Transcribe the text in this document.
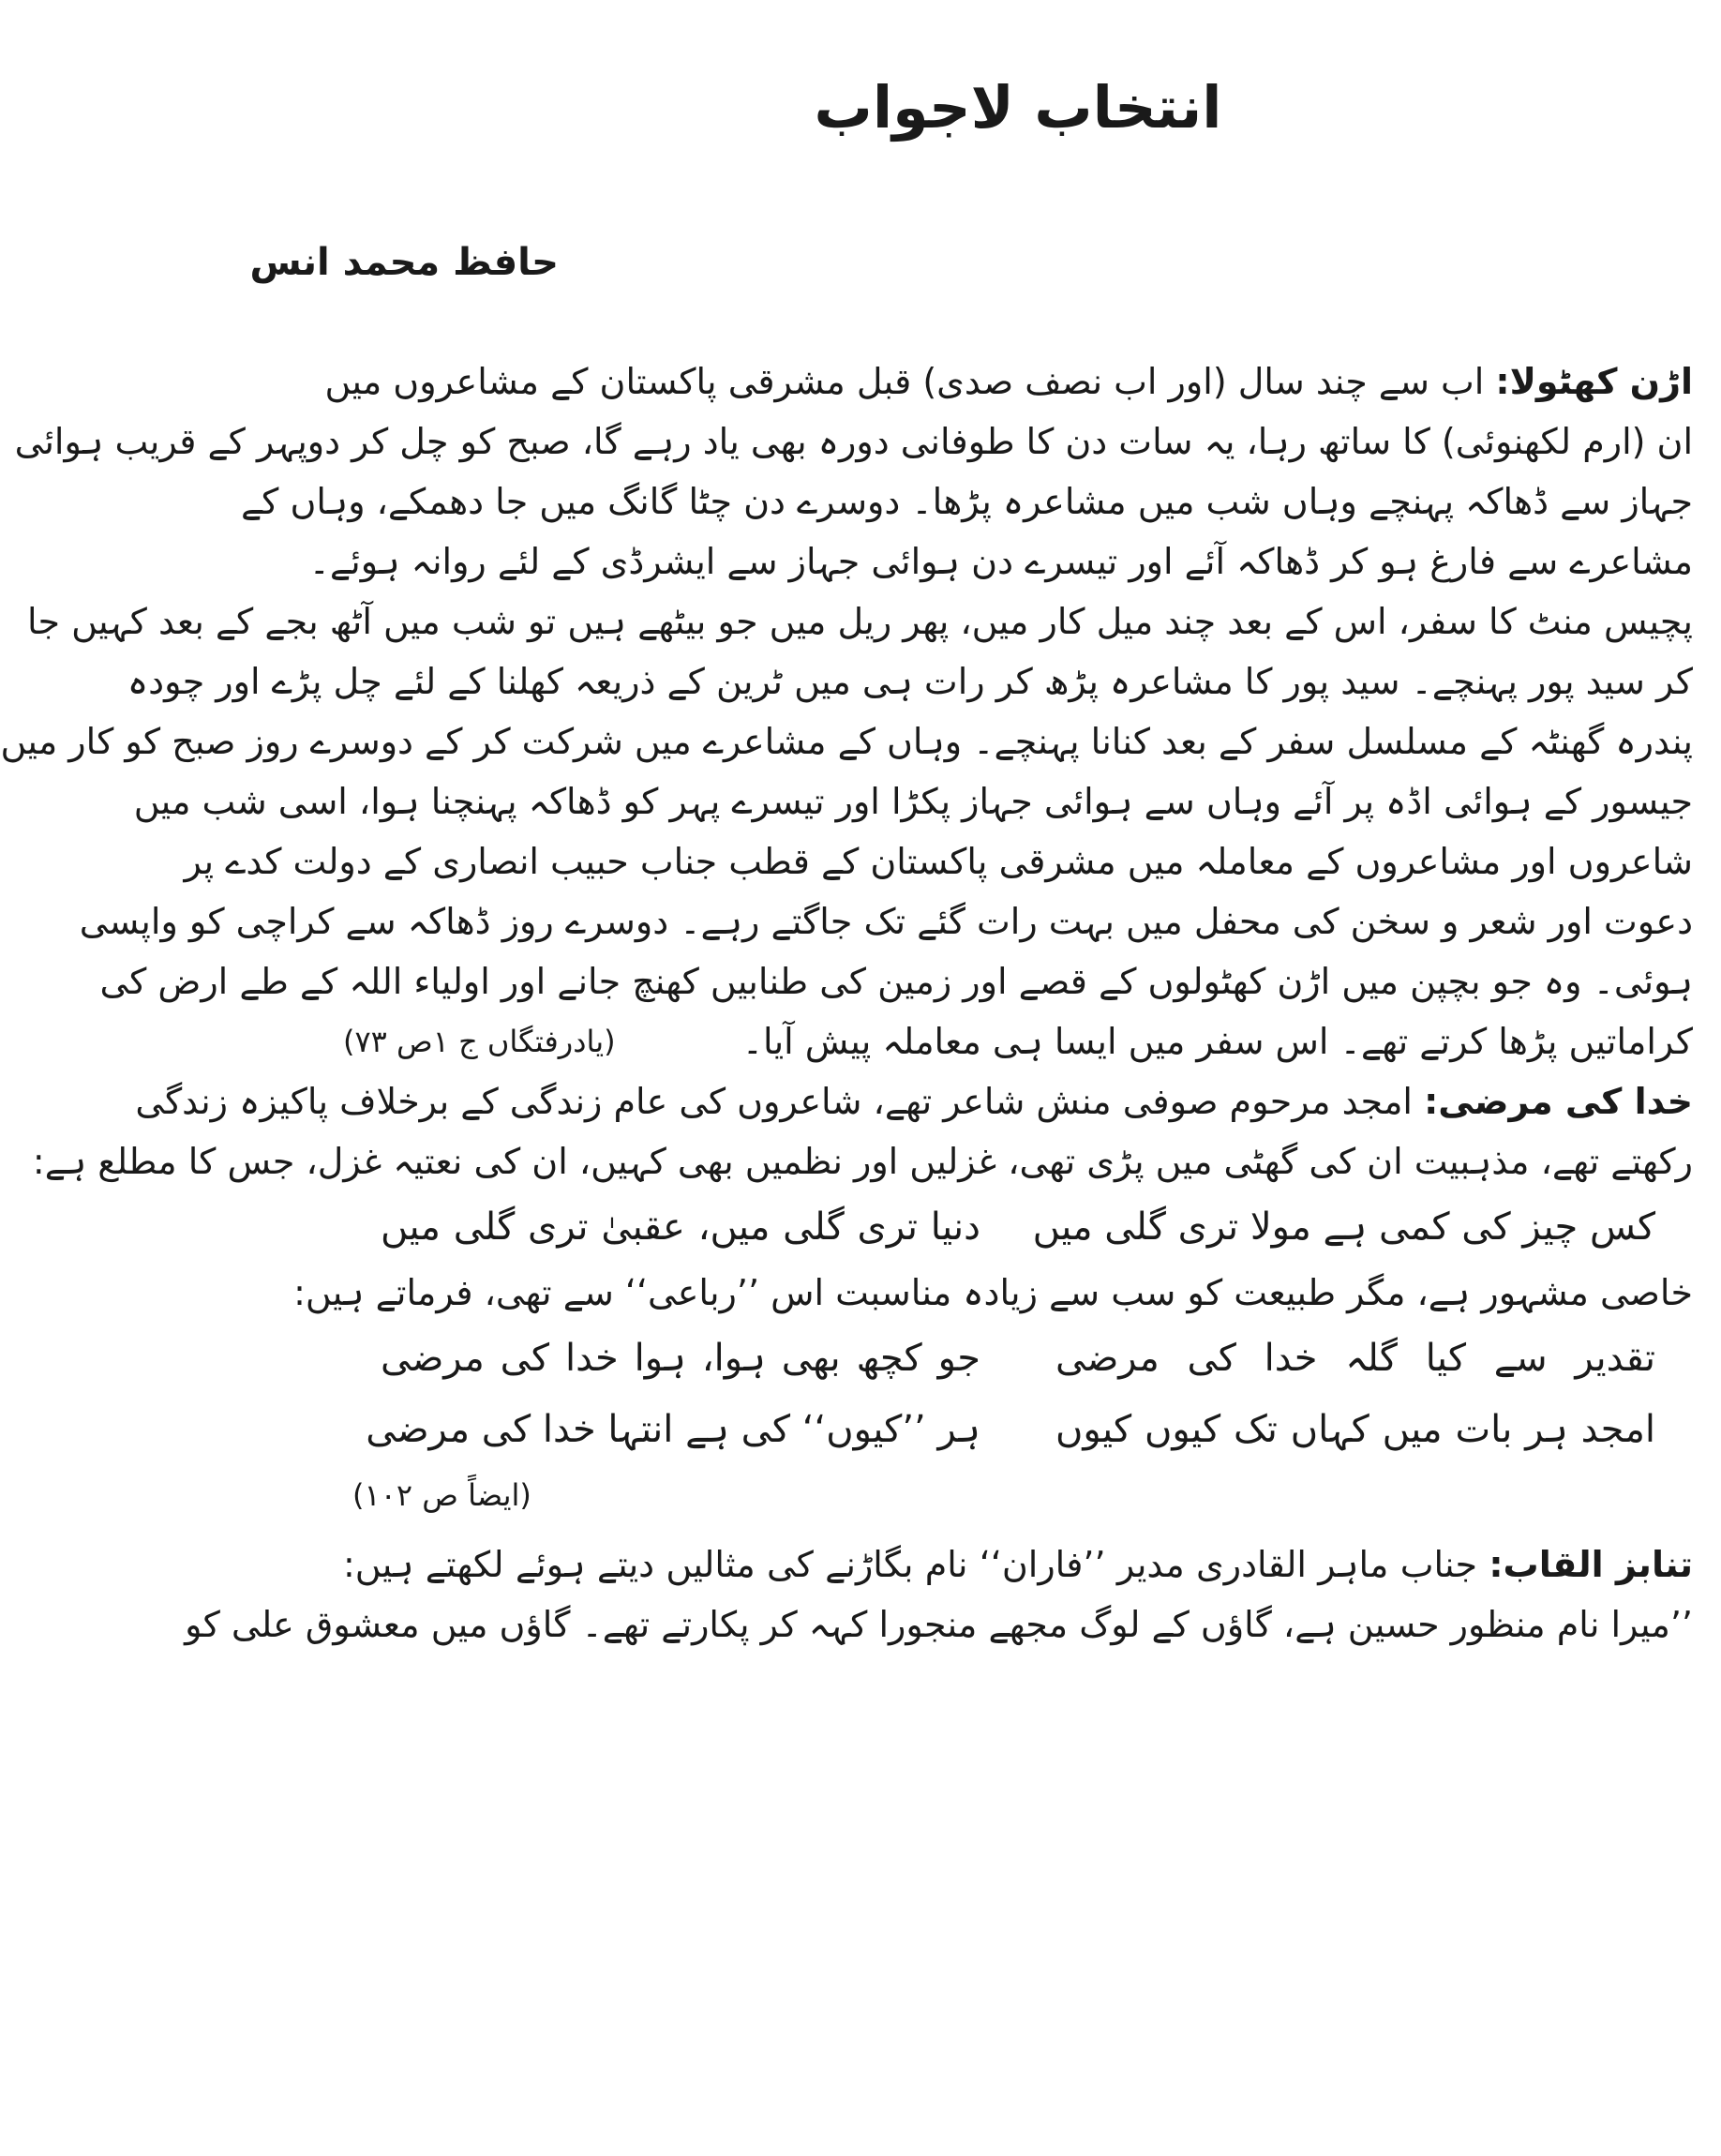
انتخاب لاجواب
حافظ محمد انس
اڑن کھٹولا: اب سے چند سال (اور اب نصف صدی) قبل مشرقی پاکستان کے مشاعروں میں
ان (ارم لکھنوئی) کا ساتھ رہا، یہ سات دن کا طوفانی دورہ بھی یاد رہے گا، صبح کو چل کر دوپہر کے قریب ہوائی
جہاز سے ڈھاکہ پہنچے وہاں شب میں مشاعرہ پڑھا۔ دوسرے دن چٹا گانگ میں جا دھمکے، وہاں کے
مشاعرے سے فارغ ہو کر ڈھاکہ آئے اور تیسرے دن ہوائی جہاز سے ایشرڈی کے لئے روانہ ہوئے۔
پچیس منٹ کا سفر، اس کے بعد چند میل کار میں، پھر ریل میں جو بیٹھے ہیں تو شب میں آٹھ بجے کے بعد کہیں جا
کر سید پور پہنچے۔ سید پور کا مشاعرہ پڑھ کر رات ہی میں ٹرین کے ذریعہ کھلنا کے لئے چل پڑے اور چودہ
پندرہ گھنٹہ کے مسلسل سفر کے بعد کنانا پہنچے۔ وہاں کے مشاعرے میں شرکت کر کے دوسرے روز صبح کو کار میں
جیسور کے ہوائی اڈہ پر آئے وہاں سے ہوائی جہاز پکڑا اور تیسرے پہر کو ڈھاکہ پہنچنا ہوا، اسی شب میں
شاعروں اور مشاعروں کے معاملہ میں مشرقی پاکستان کے قطب جناب حبیب انصاری کے دولت کدے پر
دعوت اور شعر و سخن کی محفل میں بہت رات گئے تک جاگتے رہے۔ دوسرے روز ڈھاکہ سے کراچی کو واپسی
ہوئی۔ وہ جو بچپن میں اڑن کھٹولوں کے قصے اور زمین کی طنابیں کھنچ جانے اور اولیاء اللہ کے طے ارض کی
کراماتیں پڑھا کرتے تھے۔ اس سفر میں ایسا ہی معاملہ پیش آیا۔
(یادرفتگاں ج ۱ص ۷۳)
خدا کی مرضی: امجد مرحوم صوفی منش شاعر تھے، شاعروں کی عام زندگی کے برخلاف پاکیزہ زندگی
رکھتے تھے، مذہبیت ان کی گھٹی میں پڑی تھی، غزلیں اور نظمیں بھی کہیں، ان کی نعتیہ غزل، جس کا مطلع ہے:
کس چیز کی کمی ہے مولا تری گلی میں
دنیا تری گلی میں، عقبیٰ تری گلی میں
خاصی مشہور ہے، مگر طبیعت کو سب سے زیادہ مناسبت اس ’’رباعی‘‘ سے تھی، فرماتے ہیں:
تقدیر سے کیا گلہ خدا کی مرضی
جو کچھ بھی ہوا، ہوا خدا کی مرضی
امجد ہر بات میں کہاں تک کیوں کیوں
ہر ’’کیوں‘‘ کی ہے انتہا خدا کی مرضی
(ایضاً ص ۱۰۲)
تنابز القاب: جناب ماہر القادری مدیر ’’فاران‘‘ نام بگاڑنے کی مثالیں دیتے ہوئے لکھتے ہیں:
’’میرا نام منظور حسین ہے، گاؤں کے لوگ مجھے منجورا کہہ کر پکارتے تھے۔ گاؤں میں معشوق علی کو
